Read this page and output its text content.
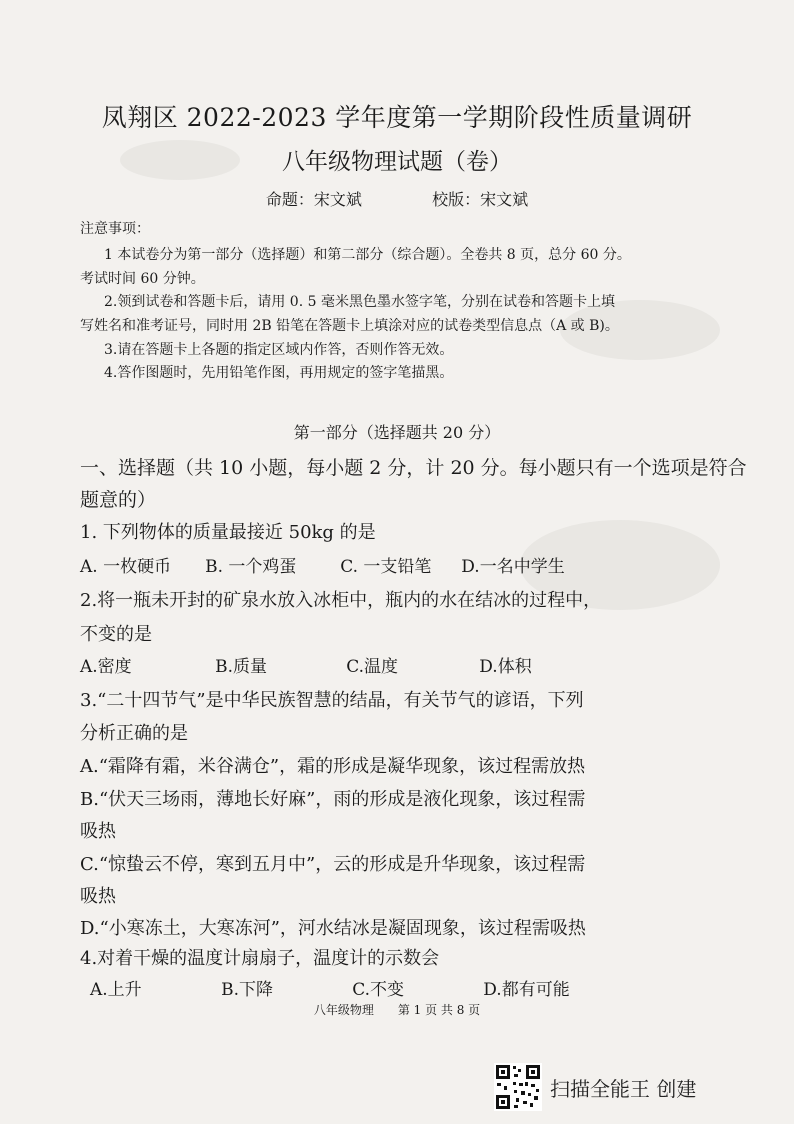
凤翔区 2022-2023 学年度第一学期阶段性质量调研
八年级物理试题（卷）
命题：宋文斌	校版：宋文斌
注意事项：
1 本试卷分为第一部分（选择题）和第二部分（综合题）。全卷共 8 页，总分 60 分。
考试时间 60 分钟。
2.领到试卷和答题卡后，请用 0. 5 毫米黑色墨水签字笔，分别在试卷和答题卡上填
写姓名和准考证号，同时用 2B 铅笔在答题卡上填涂对应的试卷类型信息点（A 或 B)。
3.请在答题卡上各题的指定区域内作答，否则作答无效。
4.答作图题时，先用铅笔作图，再用规定的签字笔描黑。
第一部分（选择题共 20 分）
一、选择题（共 10 小题，每小题 2 分，计 20 分。每小题只有一个选项是符合
题意的）
1. 下列物体的质量最接近 50kg 的是
A. 一枚硬币 B. 一个鸡蛋	C. 一支铅笔 D.一名中学生
2.将一瓶未开封的矿泉水放入冰柜中，瓶内的水在结冰的过程中，
不变的是
A.密度	B.质量	C.温度	D.体积
3.“二十四节气”是中华民族智慧的结晶，有关节气的谚语，下列
分析正确的是
A.“霜降有霜，米谷满仓”，霜的形成是凝华现象，该过程需放热
B.“伏天三场雨，薄地长好麻”，雨的形成是液化现象，该过程需
吸热
C.“惊蛰云不停，寒到五月中”，云的形成是升华现象，该过程需
吸热
D.“小寒冻土，大寒冻河”，河水结冰是凝固现象，该过程需吸热
4.对着干燥的温度计扇扇子，温度计的示数会
A.上升	B.下降	C.不变	D.都有可能
八年级物理　　第 1 页 共 8 页
扫描全能王 创建
